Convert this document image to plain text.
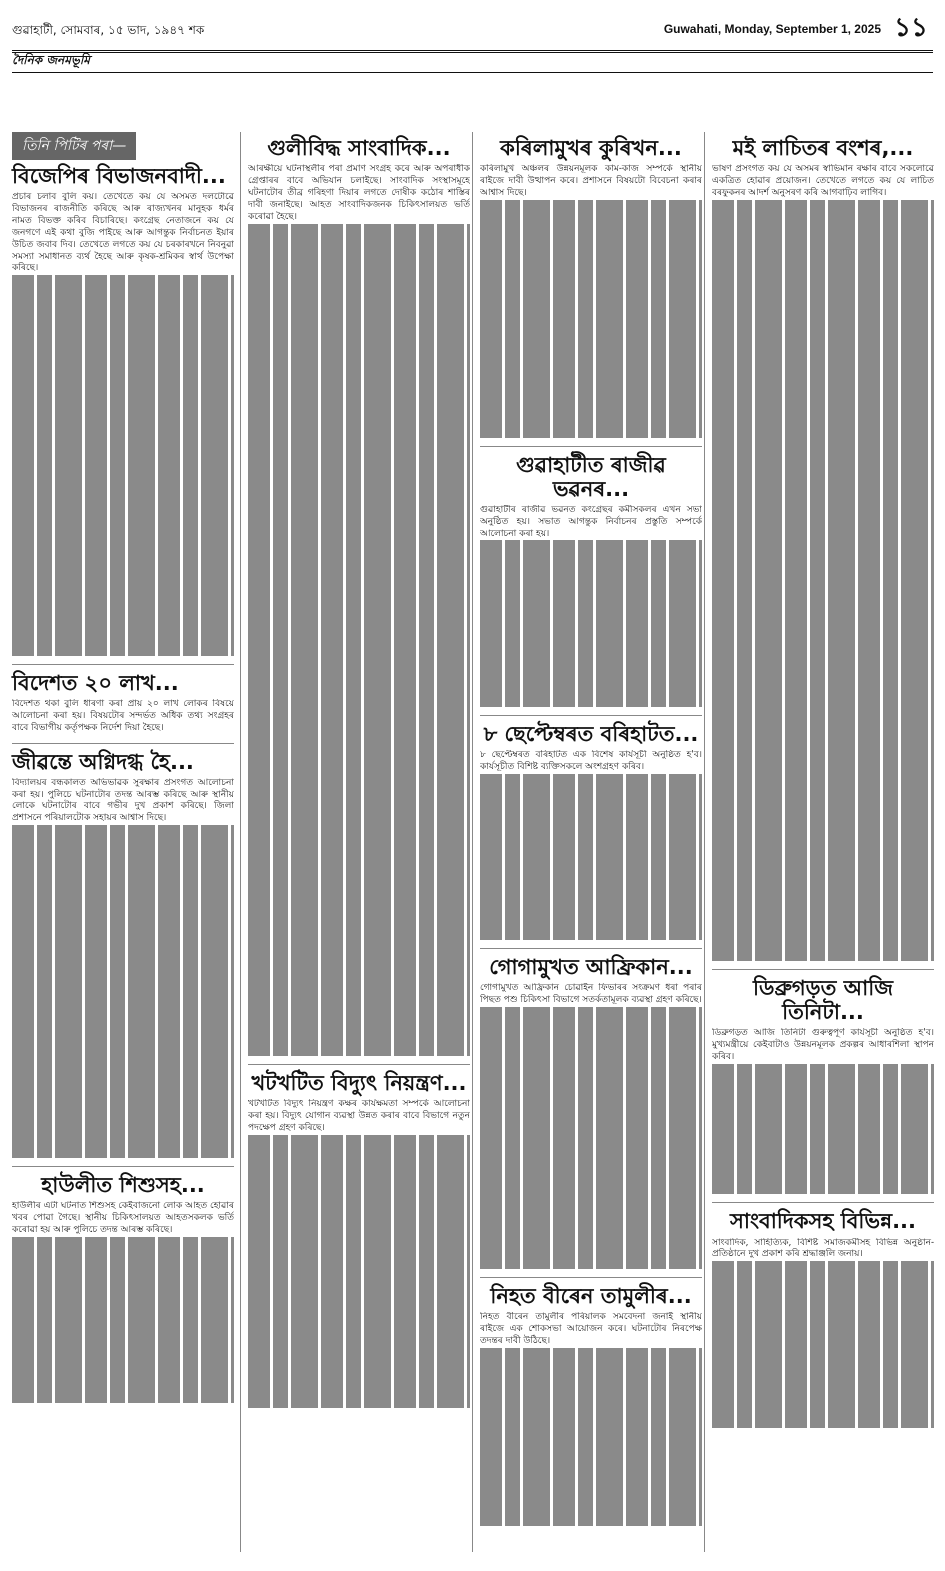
গুৱাহাটী, সোমবাৰ, ১৫ ভাদ, ১৯৪৭ শক	Guwahati, Monday, September 1, 2025 ১১
দৈনিক জনমভূমি
তিনি পিটিৰ পৰা—
বিজেপিৰ বিভাজনবাদী...
প্ৰচাৰ চলাব বুলি কয়। তেখেতে কয় যে অসমত দলটোৱে বিভাজনৰ ৰাজনীতি কৰিছে আৰু ৰাজ্যখনৰ মানুহক ধৰ্মৰ নামত বিভক্ত কৰিব বিচাৰিছে। কংগ্ৰেছ নেতাজনে কয় যে জনগণে এই কথা বুজি পাইছে আৰু আগন্তুক নিৰ্বাচনত ইয়াৰ উচিত জবাব দিব। তেখেতে লগতে কয় যে চৰকাৰখনে নিবনুৱা সমস্যা সমাধানত ব্যৰ্থ হৈছে আৰু কৃষক-শ্ৰমিকৰ স্বাৰ্থ উপেক্ষা কৰিছে।
বিদেশত ২০ লাখ...
বিদেশত থকা বুলি ধাৰণা কৰা প্ৰায় ২০ লাখ লোকৰ বিষয়ে আলোচনা কৰা হয়। বিষয়টোৰ সন্দৰ্ভত অধিক তথ্য সংগ্ৰহৰ বাবে বিভাগীয় কৰ্তৃপক্ষক নিৰ্দেশ দিয়া হৈছে।
জীৱন্তে অগ্নিদগ্ধ হৈ...
বিদ্যালয়ৰ বন্ধকালত অভিভাৱক সুৰক্ষাৰ প্ৰসংগত আলোচনা কৰা হয়। পুলিচে ঘটনাটোৰ তদন্ত আৰম্ভ কৰিছে আৰু স্থানীয় লোকে ঘটনাটোৰ বাবে গভীৰ দুখ প্ৰকাশ কৰিছে। জিলা প্ৰশাসনে পৰিয়ালটোক সহায়ৰ আশ্বাস দিছে।
হাউলীত শিশুসহ...
হাউলীৰ এটা ঘটনাত শিশুসহ কেইবাজনো লোক আহত হোৱাৰ খবৰ পোৱা গৈছে। স্থানীয় চিকিৎসালয়ত আহতসকলক ভৰ্তি কৰোৱা হয় আৰু পুলিচে তদন্ত আৰম্ভ কৰিছে।
গুলীবিদ্ধ সাংবাদিক...
আৰক্ষীয়ে ঘটনাস্থলীৰ পৰা প্ৰমাণ সংগ্ৰহ কৰে আৰু অপৰাধীক গ্ৰেপ্তাৰৰ বাবে অভিযান চলাইছে। সাংবাদিক সংস্থাসমূহে ঘটনাটোৰ তীব্ৰ গৰিহণা দিয়াৰ লগতে দোষীক কঠোৰ শাস্তিৰ দাবী জনাইছে। আহত সাংবাদিকজনক চিকিৎসালয়ত ভৰ্তি কৰোৱা হৈছে।
খটখটিত বিদ্যুৎ নিয়ন্ত্ৰণ...
খটখটিত বিদ্যুৎ নিয়ন্ত্ৰণ কক্ষৰ কাৰ্যক্ষমতা সম্পৰ্কে আলোচনা কৰা হয়। বিদ্যুৎ যোগান ব্যৱস্থা উন্নত কৰাৰ বাবে বিভাগে নতুন পদক্ষেপ গ্ৰহণ কৰিছে।
কৰিলামুখৰ কুৰিখন...
কৰিলামুখ অঞ্চলৰ উন্নয়নমূলক কাম-কাজ সম্পৰ্কে স্থানীয় ৰাইজে দাবী উত্থাপন কৰে। প্ৰশাসনে বিষয়টো বিবেচনা কৰাৰ আশ্বাস দিছে।
গুৱাহাটীত ৰাজীৱ ভৱনৰ...
গুৱাহাটীৰ ৰাজীৱ ভৱনত কংগ্ৰেছৰ কৰ্মীসকলৰ এখন সভা অনুষ্ঠিত হয়। সভাত আগন্তুক নিৰ্বাচনৰ প্ৰস্তুতি সম্পৰ্কে আলোচনা কৰা হয়।
৮ ছেপ্টেম্বৰত বৰিহাটত...
৮ ছেপ্টেম্বৰত বৰিহাটত এক বিশেষ কাৰ্যসূচী অনুষ্ঠিত হ'ব। কাৰ্যসূচীত বিশিষ্ট ব্যক্তিসকলে অংশগ্ৰহণ কৰিব।
গোগামুখত আফ্ৰিকান...
গোগামুখত আফ্ৰিকান চোৱাইন ফিভাৰৰ সংক্ৰমণ ধৰা পৰাৰ পিছত পশু চিকিৎসা বিভাগে সতৰ্কতামূলক ব্যৱস্থা গ্ৰহণ কৰিছে।
নিহত বীৰেন তামুলীৰ...
নিহত বীৰেন তামুলীৰ পৰিয়ালক সমবেদনা জনাই স্থানীয় ৰাইজে এক শোকসভা আয়োজন কৰে। ঘটনাটোৰ নিৰপেক্ষ তদন্তৰ দাবী উঠিছে।
মই লাচিতৰ বংশৰ,...
ভাষণ প্ৰসংগত কয় যে অসমৰ স্বাভিমান ৰক্ষাৰ বাবে সকলোৱে একত্ৰিত হোৱাৰ প্ৰয়োজন। তেখেতে লগতে কয় যে লাচিত বৰফুকনৰ আদৰ্শ অনুসৰণ কৰি আগবাঢ়িব লাগিব।
ডিব্ৰুগড়ত আজি তিনিটা...
ডিব্ৰুগড়ত আজি তিনিটা গুৰুত্বপূৰ্ণ কাৰ্যসূচী অনুষ্ঠিত হ'ব। মুখ্যমন্ত্ৰীয়ে কেইবাটাও উন্নয়নমূলক প্ৰকল্পৰ আধাৰশিলা স্থাপন কৰিব।
সাংবাদিকসহ বিভিন্ন...
সাংবাদিক, সাহিত্যিক, বিশিষ্ট সমাজকৰ্মীসহ বিভিন্ন অনুষ্ঠান-প্ৰতিষ্ঠানে দুখ প্ৰকাশ কৰি শ্ৰদ্ধাঞ্জলি জনায়।
